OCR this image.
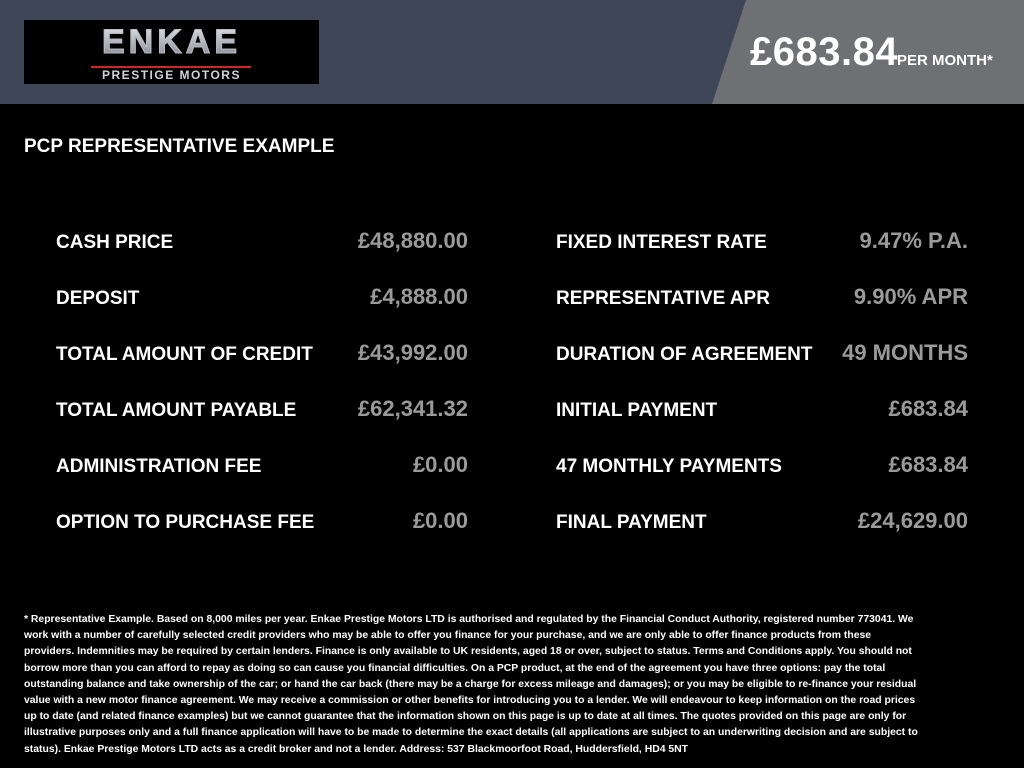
ENKAE
PRESTIGE MOTORS
£683.84
PER MONTH*
PCP REPRESENTATIVE EXAMPLE
CASH PRICE	£48,880.00
DEPOSIT	£4,888.00
TOTAL AMOUNT OF CREDIT £43,992.00
TOTAL AMOUNT PAYABLE	£62,341.32
ADMINISTRATION FEE	£0.00
OPTION TO PURCHASE FEE	£0.00
FIXED INTEREST RATE	9.47% P.A.
REPRESENTATIVE APR	9.90% APR
DURATION OF AGREEMENT 49 MONTHS
INITIAL PAYMENT	£683.84
47 MONTHLY PAYMENTS	£683.84
FINAL PAYMENT	£24,629.00
* Representative Example. Based on 8,000 miles per year. Enkae Prestige Motors LTD is authorised and regulated by the Financial Conduct Authority, registered number 773041. We work with a number of carefully selected credit providers who may be able to offer you finance for your purchase, and we are only able to offer finance products from these providers. Indemnities may be required by certain lenders. Finance is only available to UK residents, aged 18 or over, subject to status. Terms and Conditions apply. You should not borrow more than you can afford to repay as doing so can cause you financial difficulties. On a PCP product, at the end of the agreement you have three options: pay the total outstanding balance and take ownership of the car; or hand the car back (there may be a charge for excess mileage and damages); or you may be eligible to re-finance your residual value with a new motor finance agreement. We may receive a commission or other benefits for introducing you to a lender. We will endeavour to keep information on the road prices up to date (and related finance examples) but we cannot guarantee that the information shown on this page is up to date at all times. The quotes provided on this page are only for illustrative purposes only and a full finance application will have to be made to determine the exact details (all applications are subject to an underwriting decision and are subject to status). Enkae Prestige Motors LTD acts as a credit broker and not a lender. Address: 537 Blackmoorfoot Road, Huddersfield, HD4 5NT
